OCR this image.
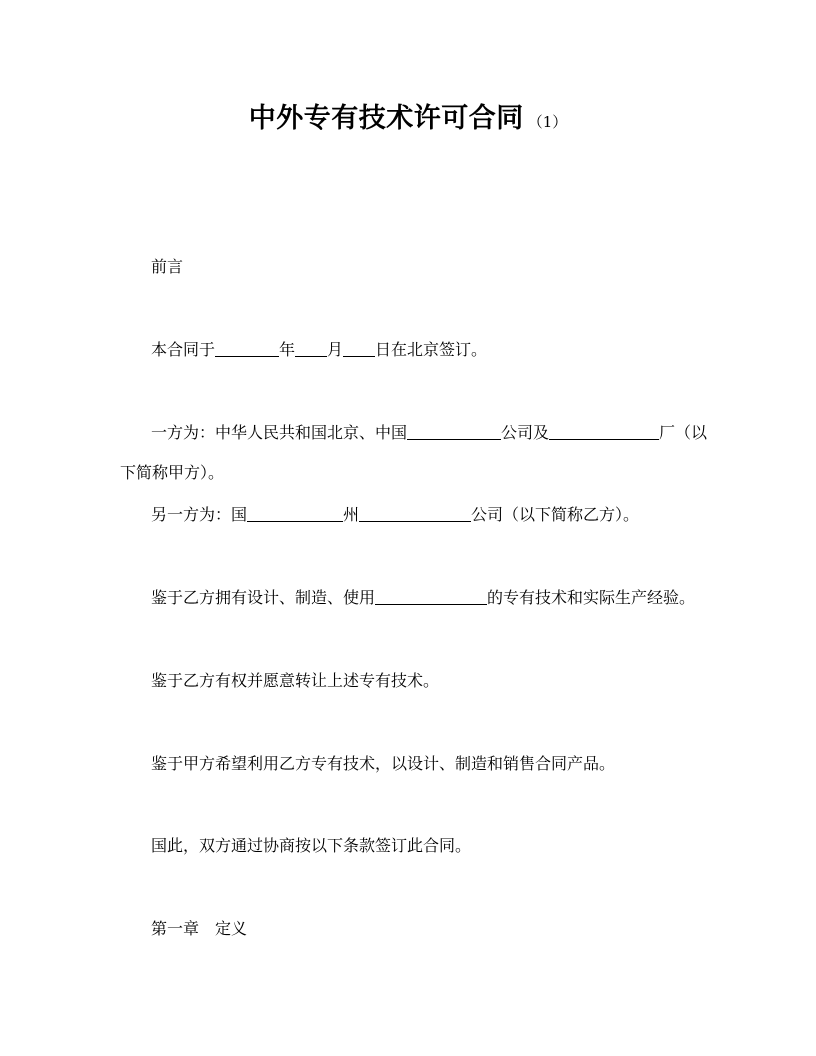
中外专有技术许可合同 （1）
前言
本合同于	年 月 日在北京签订。
一方为：中华人民共和国北京、中国	公司及	厂（以
下简称甲方）。
另一方为：国	州	公司（以下简称乙方）。
鉴于乙方拥有设计、制造、使用	的专有技术和实际生产经验。
鉴于乙方有权并愿意转让上述专有技术。
鉴于甲方希望利用乙方专有技术，以设计、制造和销售合同产品。
国此，双方通过协商按以下条款签订此合同。
第一章　定义
